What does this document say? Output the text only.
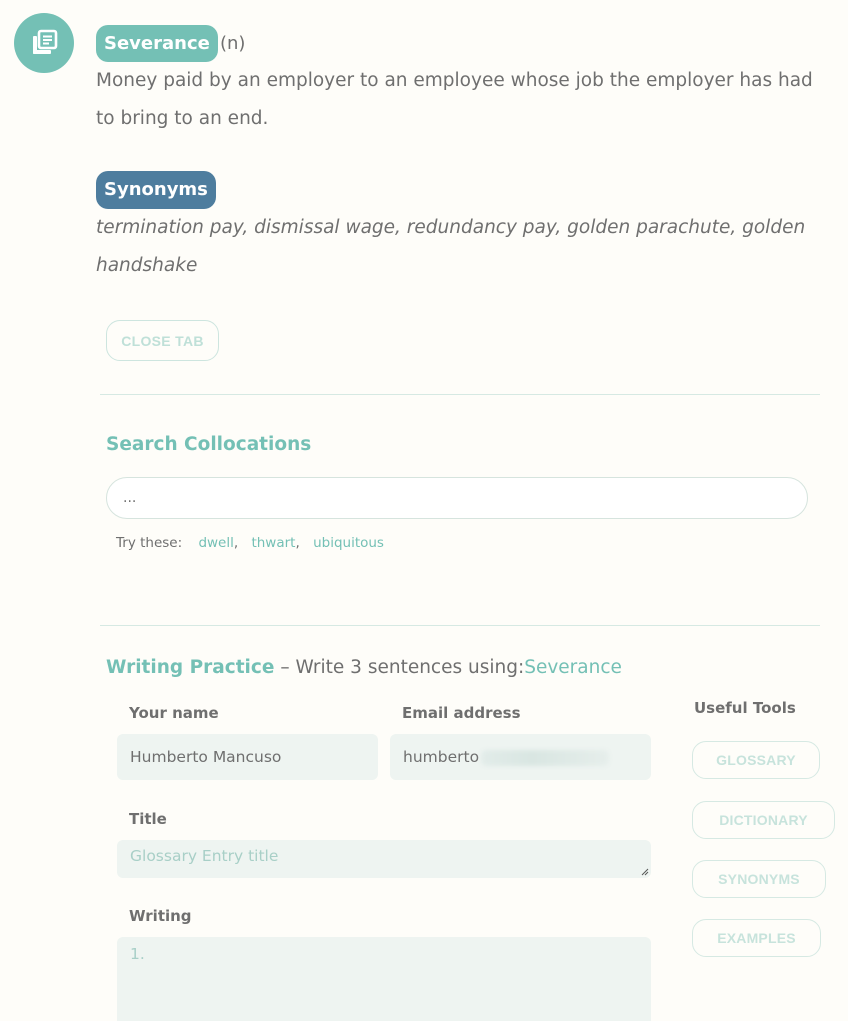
Severance (n)
Money paid by an employer to an employee whose job the employer has had to bring to an end.
Synonyms
termination pay, dismissal wage, redundancy pay, golden parachute, golden handshake
CLOSE TAB
Search Collocations
...
Try these: dwell, thwart, ubiquitous
Writing Practice – Write 3 sentences using:Severance
Your name
Humberto Mancuso
Email address
humberto
Title
Glossary Entry title
Writing
1.
Useful Tools
GLOSSARY
DICTIONARY
SYNONYMS
EXAMPLES
